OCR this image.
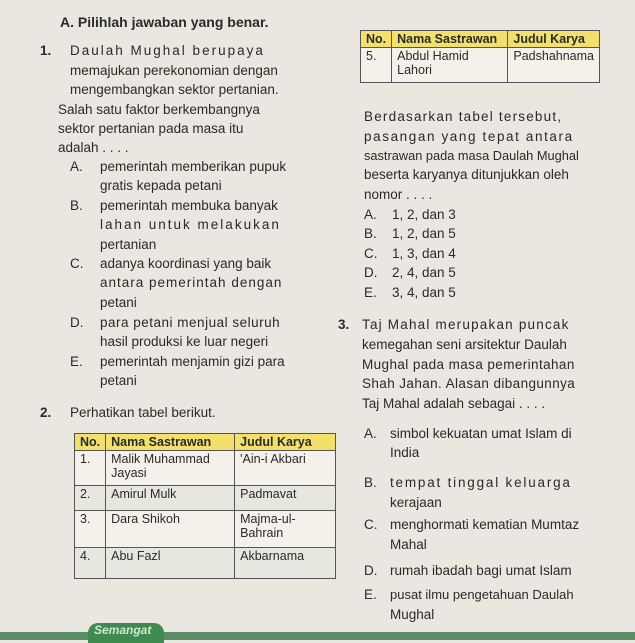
A. Pilihlah jawaban yang benar.
1. Daulah Mughal berupaya
memajukan perekonomian dengan
mengembangkan sektor pertanian.
Salah satu faktor berkembangnya
sektor pertanian pada masa itu
adalah . . . .
A. pemerintah memberikan pupuk
gratis kepada petani
B. pemerintah membuka banyak
lahan untuk melakukan
pertanian
C. adanya koordinasi yang baik
antara pemerintah dengan
petani
D. para petani menjual seluruh
hasil produksi ke luar negeri
E. pemerintah menjamin gizi para
petani
2. Perhatikan tabel berikut.
No.	Nama Sastrawan	Judul Karya
1.	Malik Muhammad Jayasi	'Ain-i Akbari
2.	Amirul Mulk	Padmavat
3.	Dara Shikoh	Majma-ul-Bahrain
4.	Abu Fazl	Akbarnama
No.	Nama Sastrawan	Judul Karya
5.	Abdul Hamid Lahori	Padshahnama
Berdasarkan tabel tersebut,
pasangan yang tepat antara
sastrawan pada masa Daulah Mughal
beserta karyanya ditunjukkan oleh
nomor . . . .
A. 1, 2, dan 3
B. 1, 2, dan 5
C. 1, 3, dan 4
D. 2, 4, dan 5
E. 3, 4, dan 5
3. Taj Mahal merupakan puncak
kemegahan seni arsitektur Daulah
Mughal pada masa pemerintahan
Shah Jahan. Alasan dibangunnya
Taj Mahal adalah sebagai . . . .
A. simbol kekuatan umat Islam di
India
B. tempat tinggal keluarga
kerajaan
C. menghormati kematian Mumtaz
Mahal
D. rumah ibadah bagi umat Islam
E. pusat ilmu pengetahuan Daulah
Mughal
Semangat
